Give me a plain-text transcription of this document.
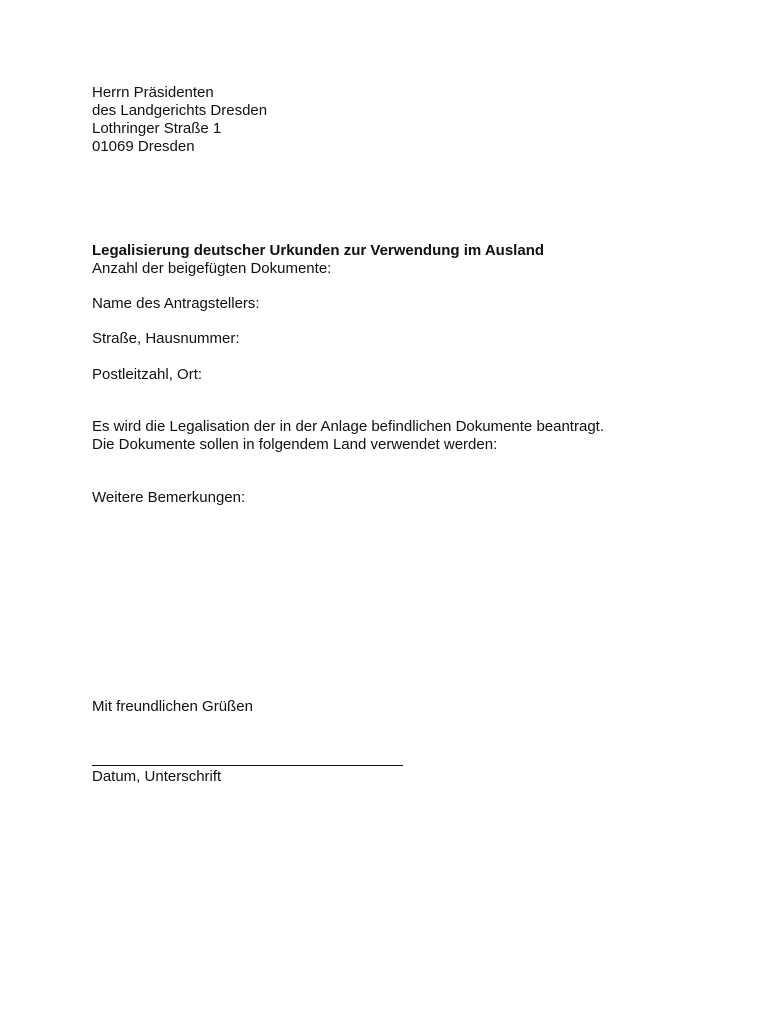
Herrn Präsidenten
des Landgerichts Dresden
Lothringer Straße 1
01069 Dresden
Legalisierung deutscher Urkunden zur Verwendung im Ausland
Anzahl der beigefügten Dokumente:
Name des Antragstellers:
Straße, Hausnummer:
Postleitzahl, Ort:
Es wird die Legalisation der in der Anlage befindlichen Dokumente beantragt.
Die Dokumente sollen in folgendem Land verwendet werden:
Weitere Bemerkungen:
Mit freundlichen Grüßen
Datum, Unterschrift
